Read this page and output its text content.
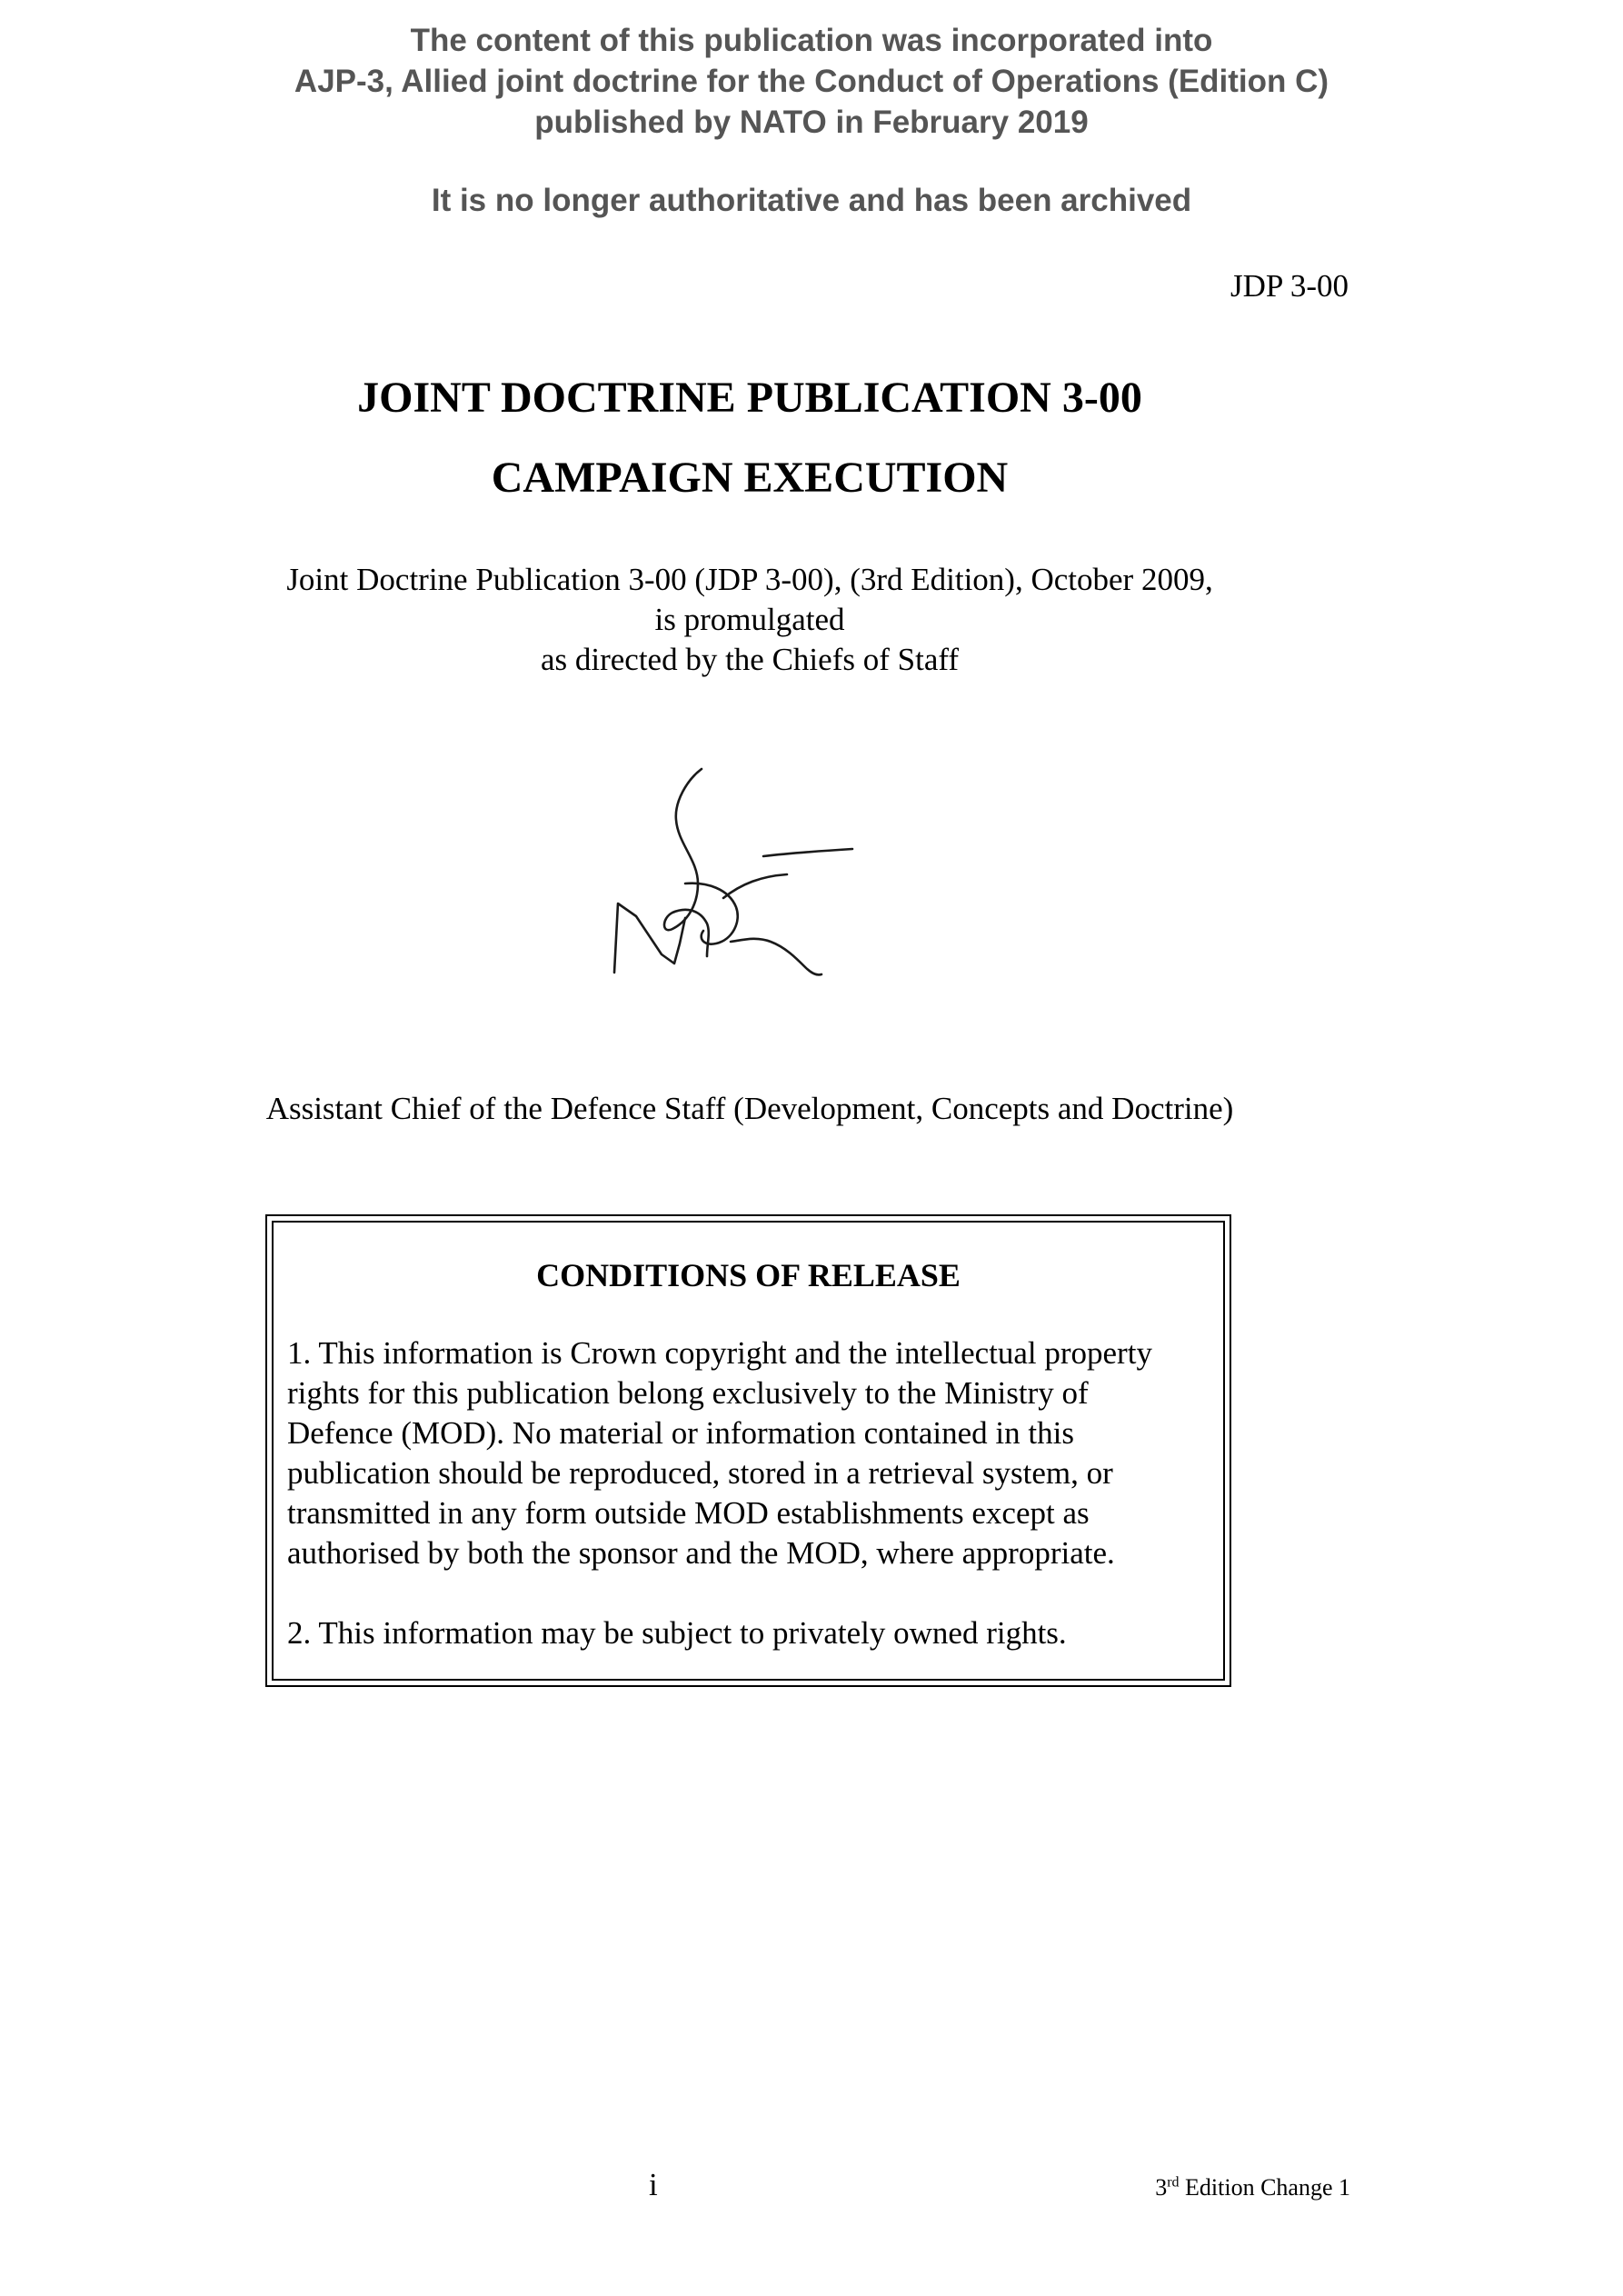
The content of this publication was incorporated into
AJP-3, Allied joint doctrine for the Conduct of Operations (Edition C)
published by NATO in February 2019
It is no longer authoritative and has been archived
JDP 3-00
JOINT DOCTRINE PUBLICATION 3-00
CAMPAIGN EXECUTION
Joint Doctrine Publication 3-00 (JDP 3-00), (3rd Edition), October 2009,
is promulgated
as directed by the Chiefs of Staff
Assistant Chief of the Defence Staff (Development, Concepts and Doctrine)
CONDITIONS OF RELEASE
1. This information is Crown copyright and the intellectual property
rights for this publication belong exclusively to the Ministry of
Defence (MOD). No material or information contained in this
publication should be reproduced, stored in a retrieval system, or
transmitted in any form outside MOD establishments except as
authorised by both the sponsor and the MOD, where appropriate.
2. This information may be subject to privately owned rights.
i	3rd Edition Change 1
